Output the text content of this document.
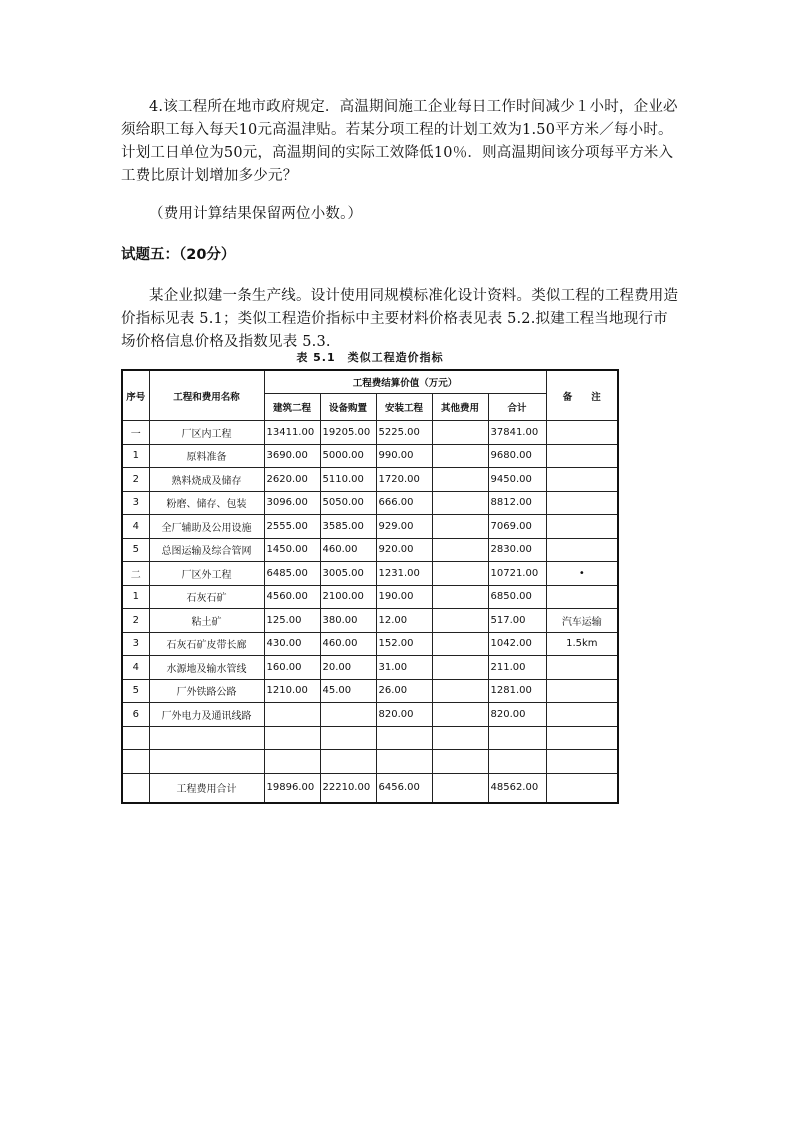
4.该工程所在地市政府规定．高温期间施工企业每日工作时间减少１小时，企业必须给职工每入每天10元高温津贴。若某分项工程的计划工效为1.50平方米／每小时。计划工日单位为50元，高温期间的实际工效降低10％．则高温期间该分项每平方米入工费比原计划增加多少元？
（费用计算结果保留两位小数。）
试题五：（20分）
某企业拟建一条生产线。设计使用同规模标准化设计资料。类似工程的工程费用造价指标见表 5.1；类似工程造价指标中主要材料价格表见表 5.2.拟建工程当地现行市场价格信息价格及指数见表 5.3.
表 5.1　类似工程造价指标
序号	工程和费用名称	工程费结算价值（万元）					备　　注
		建筑二程	设备购置	安装工程	其他费用	合计	
一	厂区内工程	13411.00	19205.00	5225.00		37841.00	
1	原料准备	3690.00	5000.00	990.00		9680.00	
2	熟料烧成及储存	2620.00	5110.00	1720.00		9450.00	
3	粉磨、储存、包装	3096.00	5050.00	666.00		8812.00	
4	全厂辅助及公用设施	2555.00	3585.00	929.00		7069.00	
5	总图运输及综合管网	1450.00	460.00	920.00		2830.00	
二	厂区外工程	6485.00	3005.00	1231.00		10721.00	•
1	石灰石矿	4560.00	2100.00	190.00		6850.00	
2	粘土矿	125.00	380.00	12.00		517.00	汽车运输
3	石灰石矿皮带长廊	430.00	460.00	152.00		1042.00	1.5km
4	水源地及输水管线	160.00	20.00	31.00		211.00	
5	厂外铁路公路	1210.00	45.00	26.00		1281.00	
6	厂外电力及通讯线路			820.00		820.00	

	工程费用合计	19896.00	22210.00	6456.00		48562.00	
